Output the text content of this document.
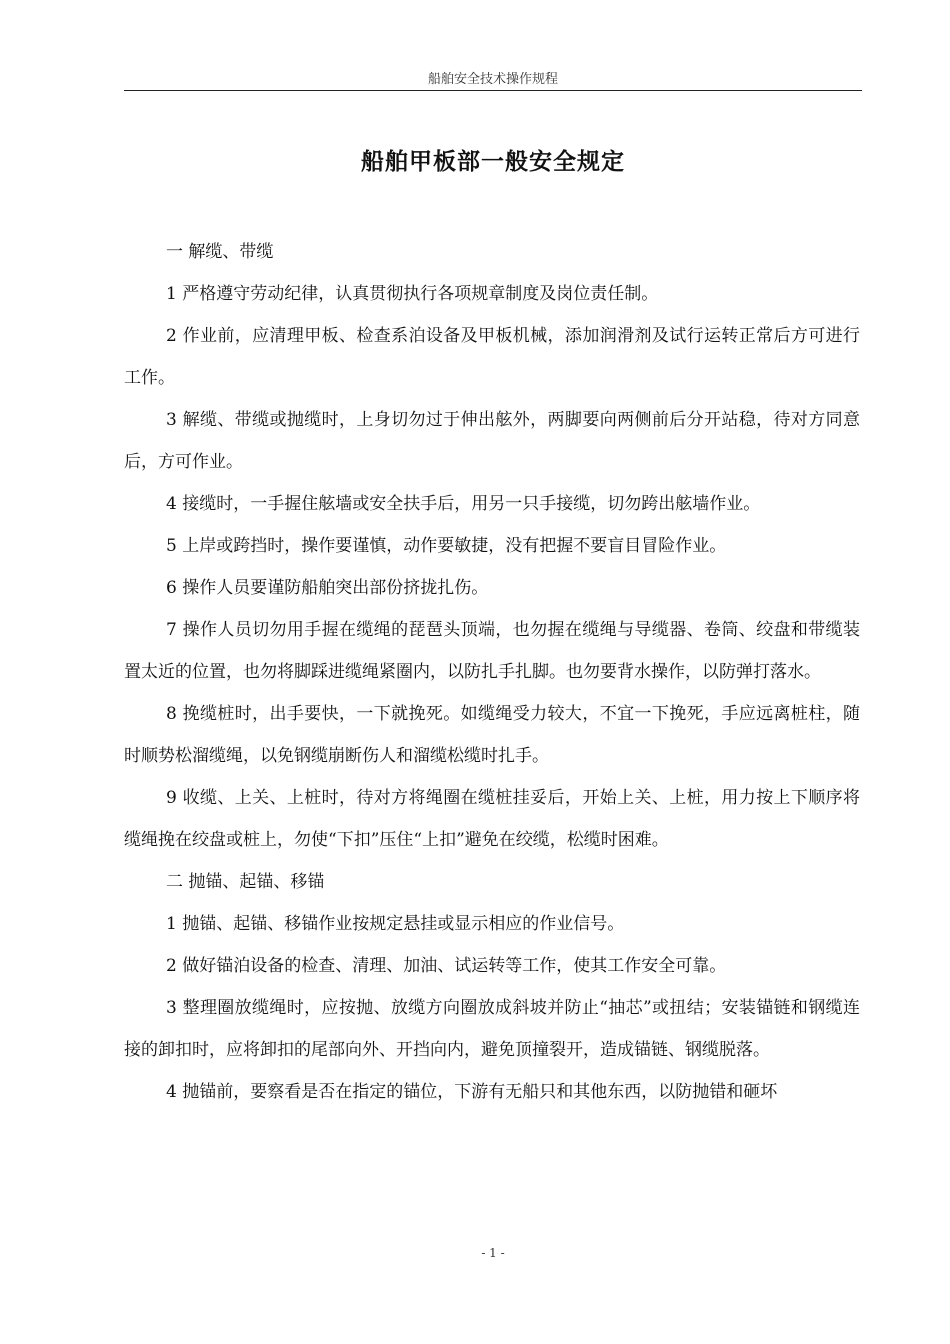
船舶安全技术操作规程
船舶甲板部一般安全规定

一 解缆、带缆

1 严格遵守劳动纪律，认真贯彻执行各项规章制度及岗位责任制。

2 作业前，应清理甲板、检查系泊设备及甲板机械，添加润滑剂及试行运转正常后方可进行工作。

3 解缆、带缆或抛缆时，上身切勿过于伸出舷外，两脚要向两侧前后分开站稳，待对方同意后，方可作业。

4 接缆时，一手握住舷墙或安全扶手后，用另一只手接缆，切勿跨出舷墙作业。

5 上岸或跨挡时，操作要谨慎，动作要敏捷，没有把握不要盲目冒险作业。

6 操作人员要谨防船舶突出部份挤拢扎伤。

7 操作人员切勿用手握在缆绳的琵琶头顶端，也勿握在缆绳与导缆器、卷筒、绞盘和带缆装置太近的位置，也勿将脚踩进缆绳紧圈内，以防扎手扎脚。也勿要背水操作，以防弹打落水。

8 挽缆桩时，出手要快，一下就挽死。如缆绳受力较大，不宜一下挽死，手应远离桩柱，随时顺势松溜缆绳，以免钢缆崩断伤人和溜缆松缆时扎手。

9 收缆、上关、上桩时，待对方将绳圈在缆桩挂妥后，开始上关、上桩，用力按上下顺序将缆绳挽在绞盘或桩上，勿使“下扣”压住“上扣”避免在绞缆，松缆时困难。

二 抛锚、起锚、移锚

1 抛锚、起锚、移锚作业按规定悬挂或显示相应的作业信号。

2 做好锚泊设备的检查、清理、加油、试运转等工作，使其工作安全可靠。

3 整理圈放缆绳时，应按抛、放缆方向圈放成斜坡并防止“抽芯”或扭结；安装锚链和钢缆连接的卸扣时，应将卸扣的尾部向外、开挡向内，避免顶撞裂开，造成锚链、钢缆脱落。

4 抛锚前，要察看是否在指定的锚位，下游有无船只和其他东西，以防抛错和砸坏

- 1 -
